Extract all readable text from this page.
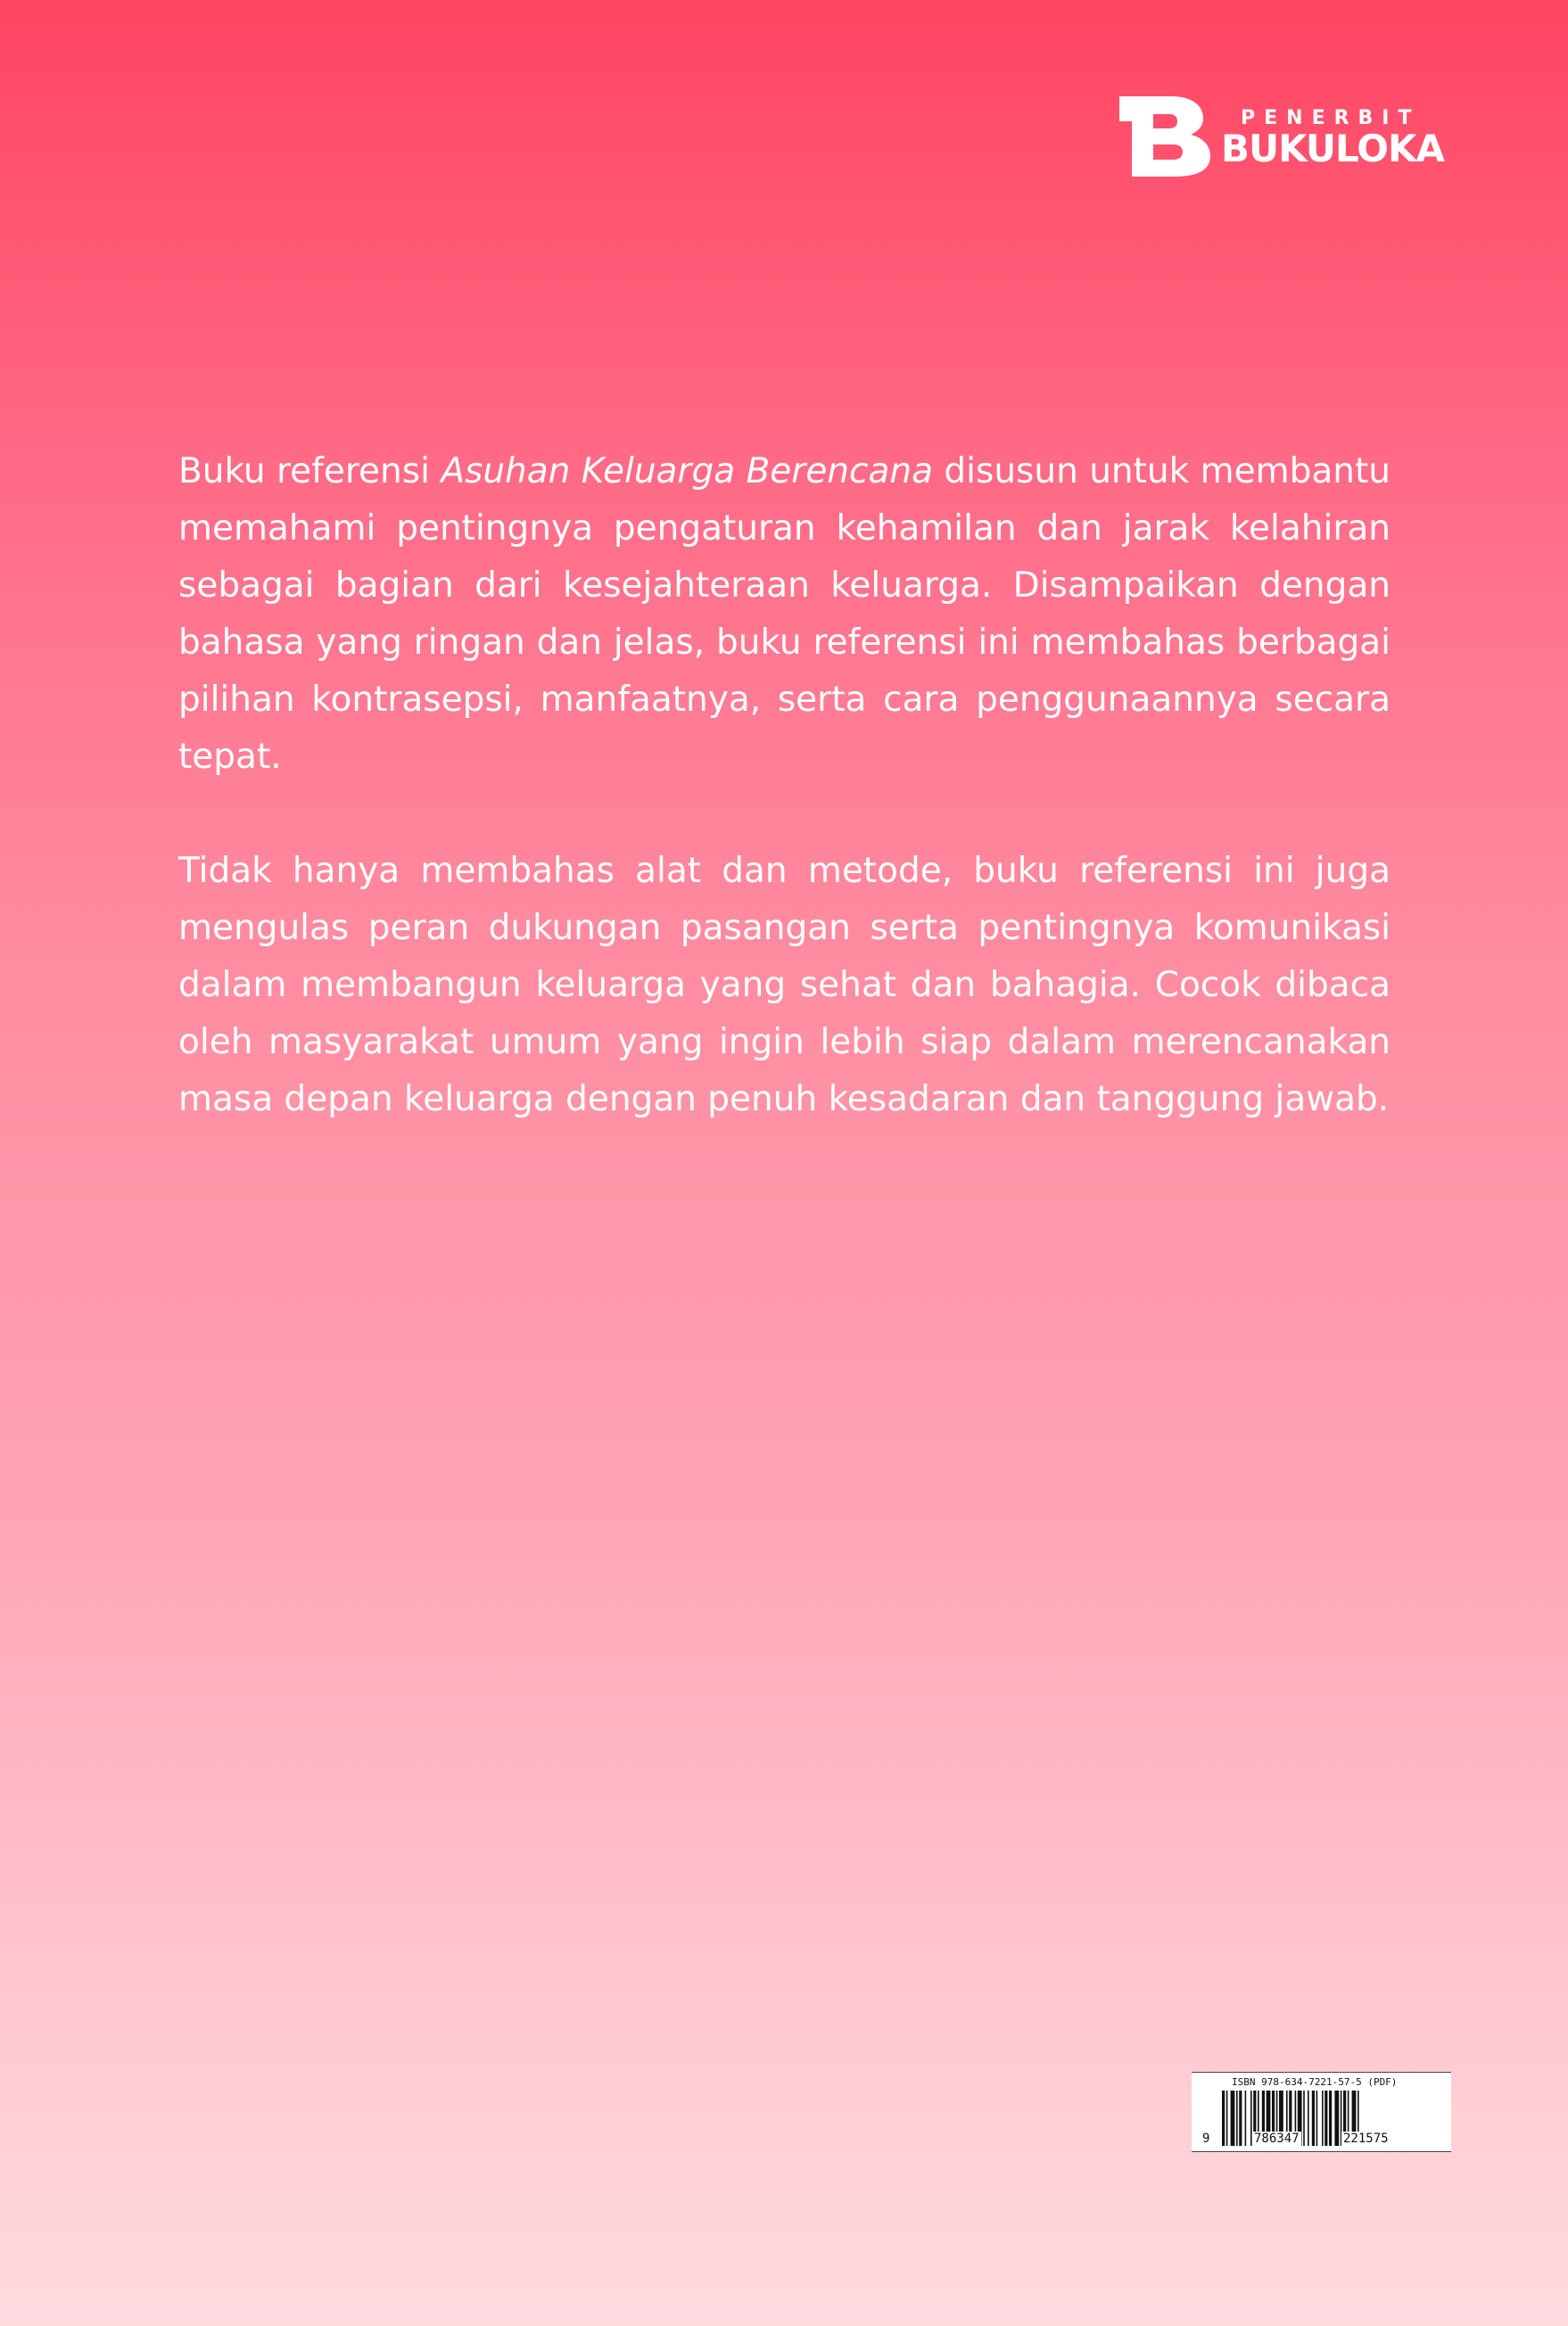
PENERBIT
BUKULOKA

Buku referensi Asuhan Keluarga Berencana disusun untuk membantu memahami pentingnya pengaturan kehamilan dan jarak kelahiran sebagai bagian dari kesejahteraan keluarga. Disampaikan dengan bahasa yang ringan dan jelas, buku referensi ini membahas berbagai pilihan kontrasepsi, manfaatnya, serta cara penggunaannya secara tepat.

Tidak hanya membahas alat dan metode, buku referensi ini juga mengulas peran dukungan pasangan serta pentingnya komunikasi dalam membangun keluarga yang sehat dan bahagia. Cocok dibaca oleh masyarakat umum yang ingin lebih siap dalam merencanakan masa depan keluarga dengan penuh kesadaran dan tanggung jawab.

ISBN 978-634-7221-57-5 (PDF)
9	786347	221575
